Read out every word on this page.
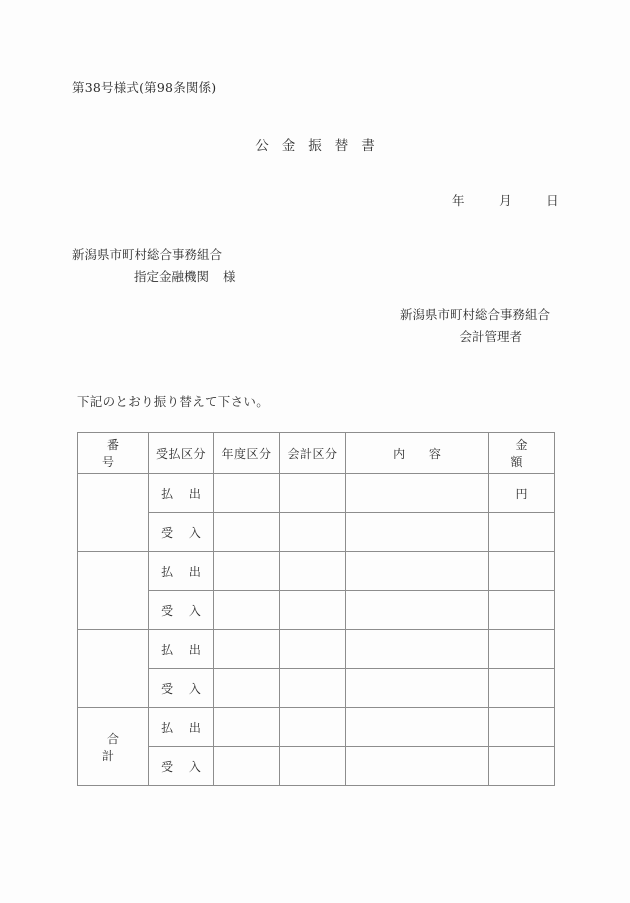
第38号様式(第98条関係)
公金振替書
年	月	日
新潟県市町村総合事務組合
指定金融機関 様
新潟県市町村総合事務組合
会計管理者
下記のとおり振り替えて下さい。
番 号	受払区分	年度区分	会計区分	内 容	金 額
	払 出				円
	受 入				
	払 出				
	受 入				
	払 出				
	受 入				
合 計	払 出				
	受 入				
